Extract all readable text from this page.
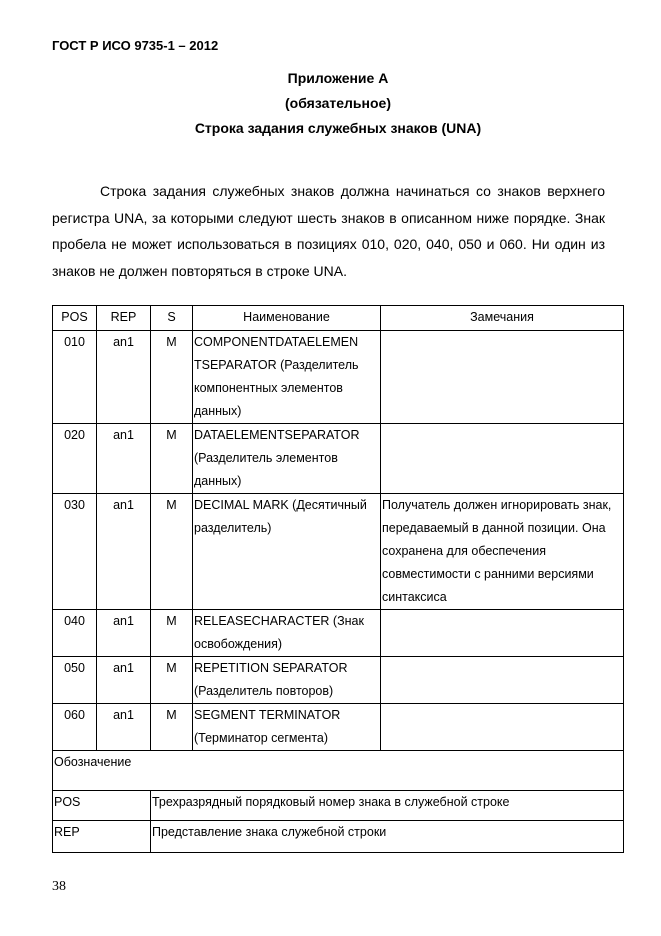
ГОСТ Р ИСО 9735-1 – 2012
Приложение А
(обязательное)
Строка задания служебных знаков (UNA)
Строка задания служебных знаков должна начинаться со знаков верхнего регистра UNA, за которыми следуют шесть знаков в описанном ниже порядке. Знак пробела не может использоваться в позициях 010, 020, 040, 050 и 060. Ни один из знаков не должен повторяться в строке UNA.
POS	REP	S	Наименование	Замечания
010	an1	M	COMPONENTDATAELEMEN TSEPARATOR (Разделитель компонентных элементов данных)	
020	an1	M	DATAELEMENTSEPARATOR (Разделитель элементов данных)	
030	an1	M	DECIMAL MARK (Десятичный разделитель)	Получатель должен игнорировать знак, передаваемый в данной позиции. Она сохранена для обеспечения совместимости с ранними версиями синтаксиса
040	an1	M	RELEASECHARACTER (Знак освобождения)	
050	an1	M	REPETITION SEPARATOR (Разделитель повторов)	
060	an1	M	SEGMENT TERMINATOR (Терминатор сегмента)	
Обозначение				
POS		Трехразрядный порядковый номер знака в служебной строке		
REP		Представление знака служебной строки		
38
